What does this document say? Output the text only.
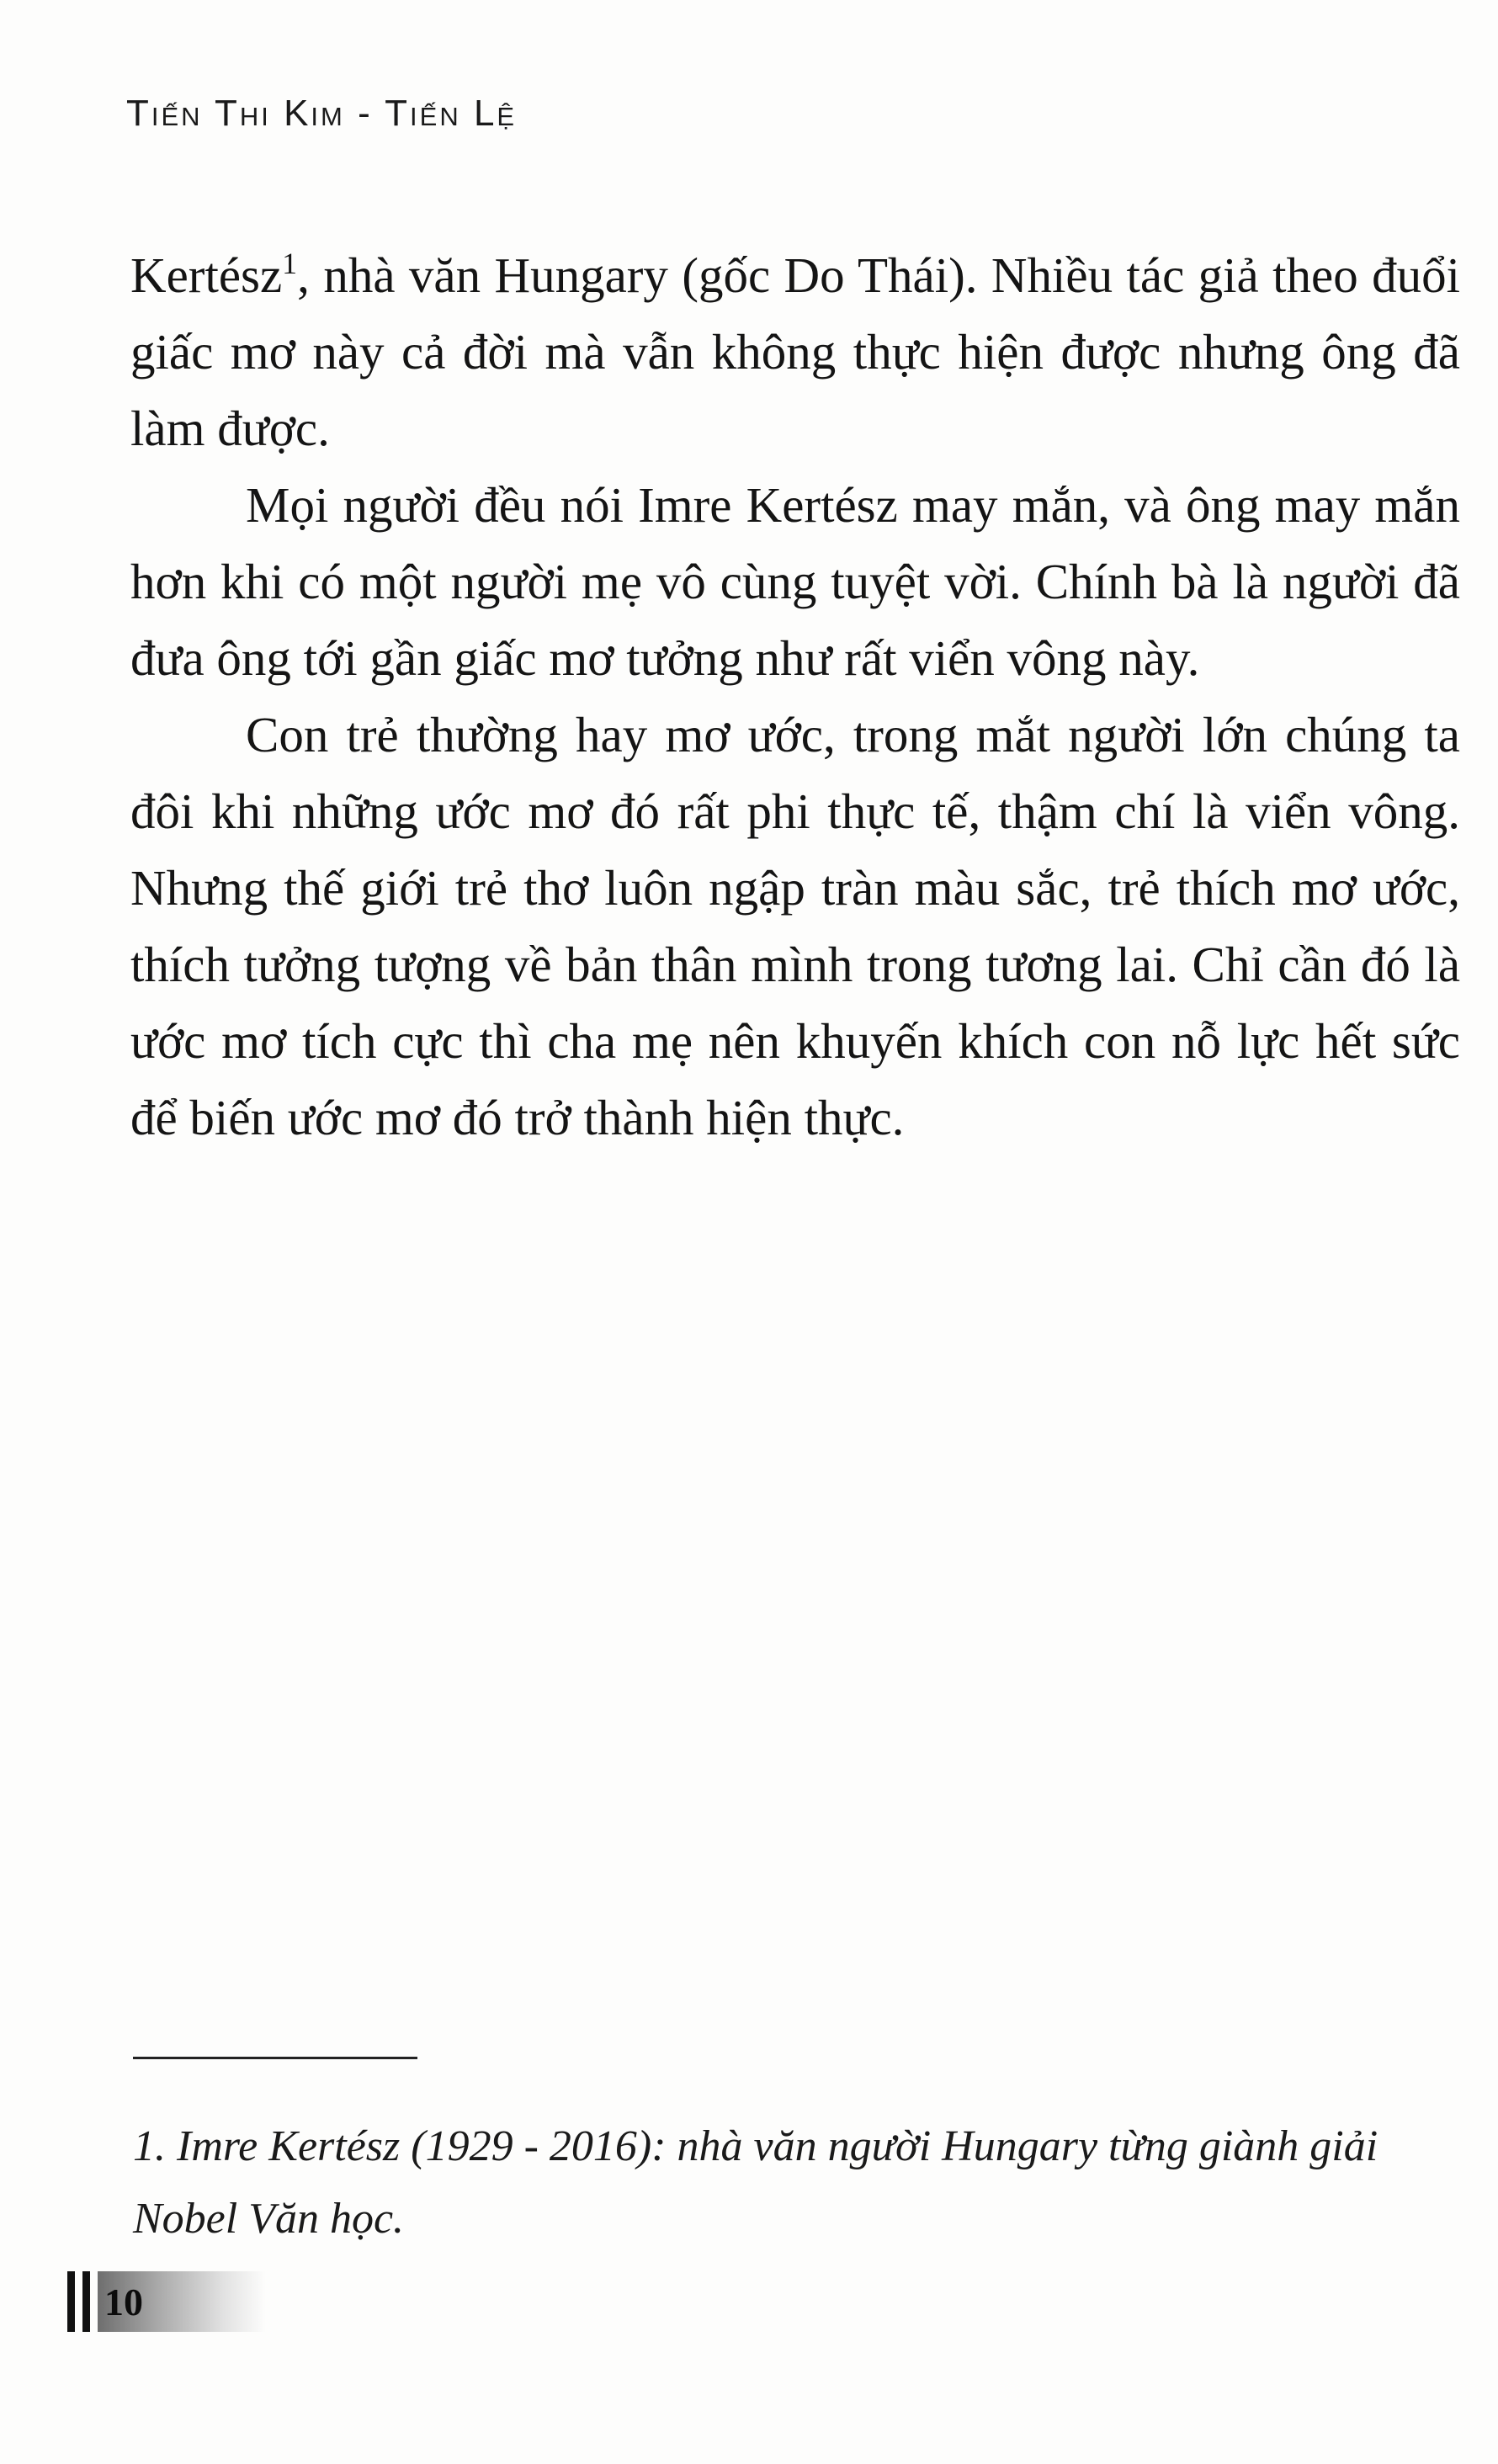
Tiến Thi Kim - Tiến Lệ

Kertész$^1$, nhà văn Hungary (gốc Do Thái). Nhiều tác giả theo đuổi giấc mơ này cả đời mà vẫn không thực hiện được nhưng ông đã làm được.

Mọi người đều nói Imre Kertész may mắn, và ông may mắn hơn khi có một người mẹ vô cùng tuyệt vời. Chính bà là người đã đưa ông tới gần giấc mơ tưởng như rất viển vông này.

Con trẻ thường hay mơ ước, trong mắt người lớn chúng ta đôi khi những ước mơ đó rất phi thực tế, thậm chí là viển vông. Nhưng thế giới trẻ thơ luôn ngập tràn màu sắc, trẻ thích mơ ước, thích tưởng tượng về bản thân mình trong tương lai. Chỉ cần đó là ước mơ tích cực thì cha mẹ nên khuyến khích con nỗ lực hết sức để biến ước mơ đó trở thành hiện thực.

1. Imre Kertész (1929 - 2016): nhà văn người Hungary từng giành giải Nobel Văn học.
10
